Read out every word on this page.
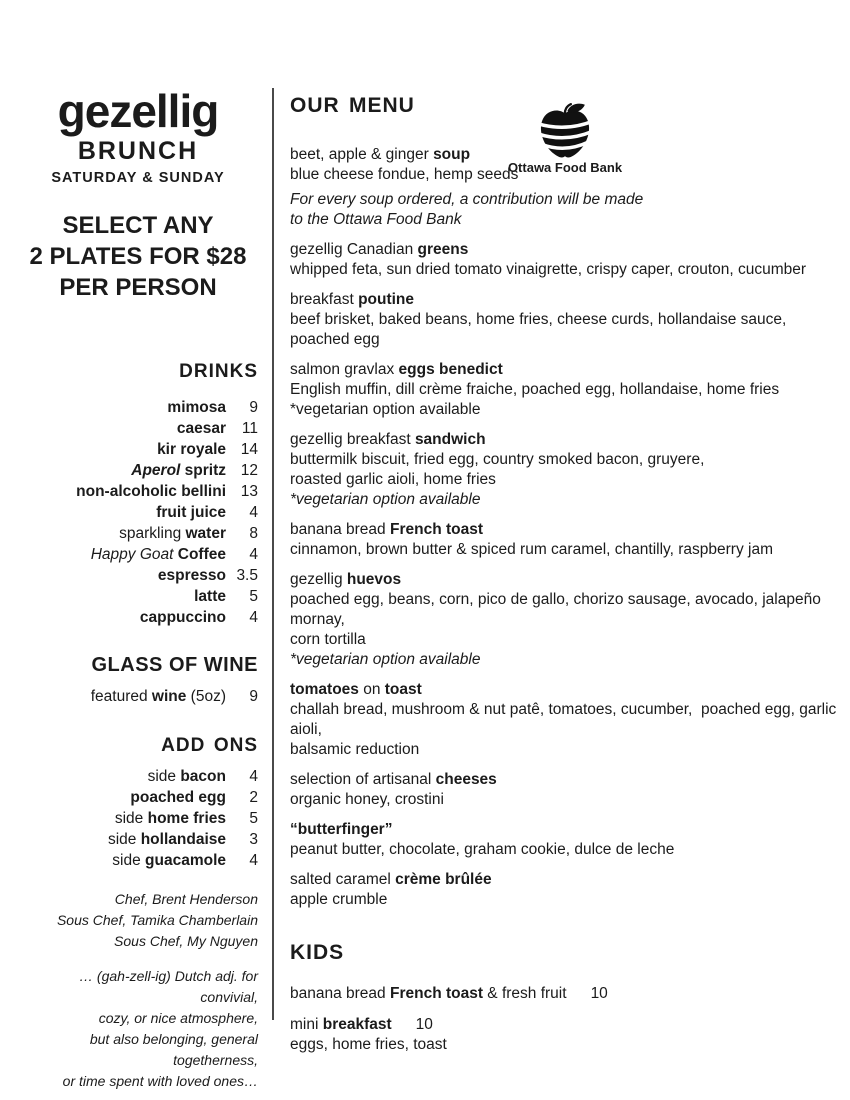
gezellig
BRUNCH
SATURDAY & SUNDAY
SELECT ANY
2 PLATES FOR $28
PER PERSON
drinks
mimosa	9
caesar	11
kir royale 14
Aperol spritz 12
non-alcoholic bellini 13
fruit juice	4
sparkling water	8
Happy Goat Coffee	4
espresso 3.5
latte	5
cappuccino	4
GLASS OF WINE
featured wine (5oz)	9
add ons
side bacon	4
poached egg	2
side home fries	5
side hollandaise	3
side guacamole	4
Chef, Brent Henderson
Sous Chef, Tamika Chamberlain
Sous Chef, My Nguyen
… (gah-zell-ig) Dutch adj. for convivial,
cozy, or nice atmosphere,
but also belonging, general togetherness,
or time spent with loved ones…
our menu
Ottawa Food Bank
beet, apple & ginger soup
blue cheese fondue, hemp seeds
For every soup ordered, a contribution will be made
to the Ottawa Food Bank
gezellig Canadian greens
whipped feta, sun dried tomato vinaigrette, crispy caper, crouton, cucumber
breakfast poutine
beef brisket, baked beans, home fries, cheese curds, hollandaise sauce,
poached egg
salmon gravlax eggs benedict
English muffin, dill crème fraiche, poached egg, hollandaise, home fries
*vegetarian option available
gezellig breakfast sandwich
buttermilk biscuit, fried egg, country smoked bacon, gruyere,
roasted garlic aioli, home fries
*vegetarian option available
banana bread French toast
cinnamon, brown butter & spiced rum caramel, chantilly, raspberry jam
gezellig huevos
poached egg, beans, corn, pico de gallo, chorizo sausage, avocado, jalapeño mornay,
corn tortilla
*vegetarian option available
tomatoes on toast
challah bread, mushroom & nut patê, tomatoes, cucumber,  poached egg, garlic aioli,
balsamic reduction
selection of artisanal cheeses
organic honey, crostini
“butterfinger”
peanut butter, chocolate, graham cookie, dulce de leche
salted caramel crème brûlée
apple crumble
kids
banana bread French toast & fresh fruit 10
mini breakfast 10
eggs, home fries, toast
